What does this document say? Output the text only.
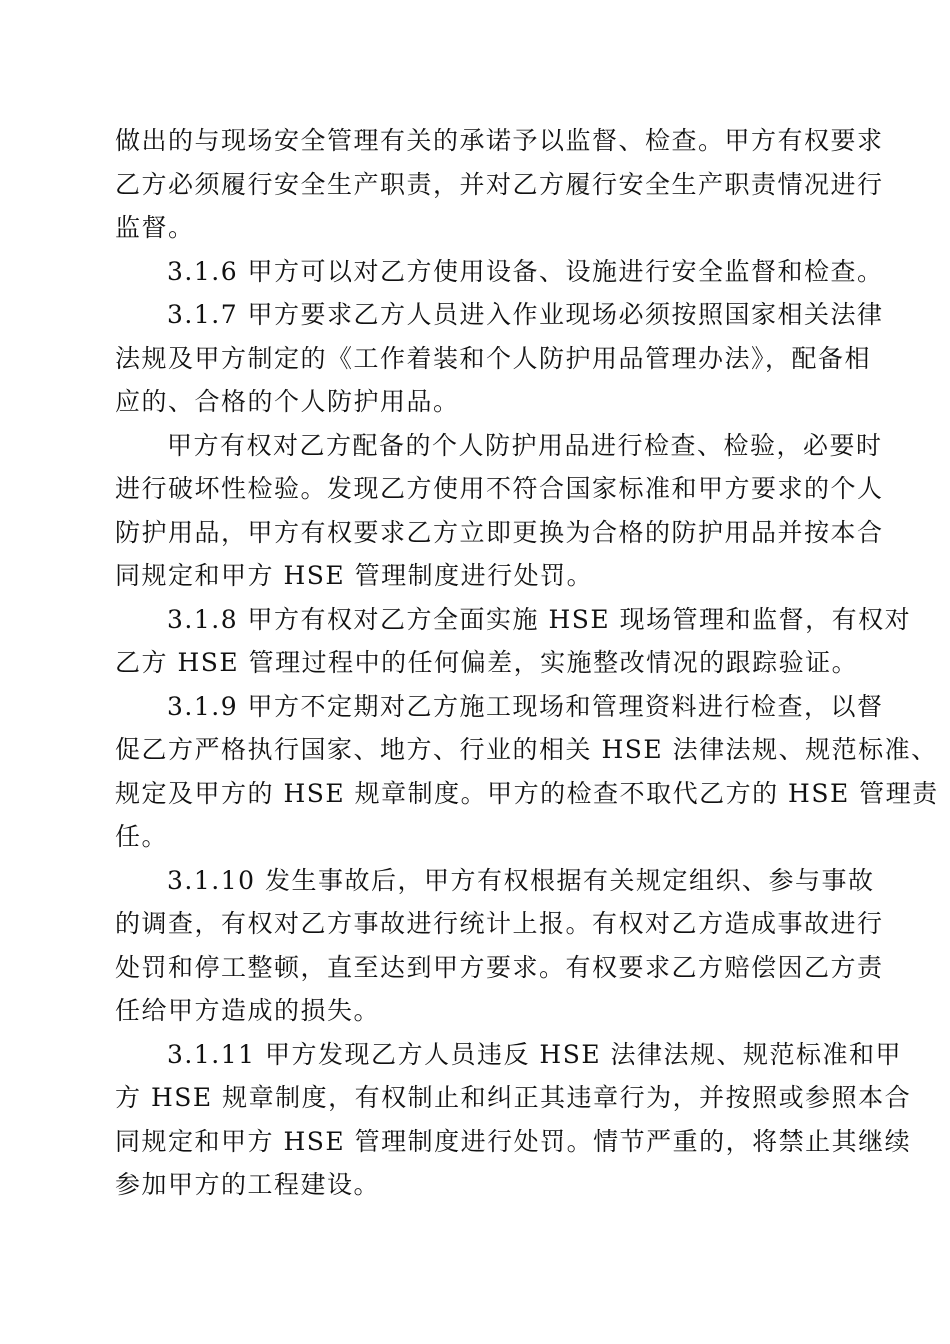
做出的与现场安全管理有关的承诺予以监督、检查。甲方有权要求
乙方必须履行安全生产职责，并对乙方履行安全生产职责情况进行
监督。
3.1.6 甲方可以对乙方使用设备、设施进行安全监督和检查。
3.1.7 甲方要求乙方人员进入作业现场必须按照国家相关法律
法规及甲方制定的《工作着装和个人防护用品管理办法》，配备相
应的、合格的个人防护用品。
甲方有权对乙方配备的个人防护用品进行检查、检验，必要时
进行破坏性检验。发现乙方使用不符合国家标准和甲方要求的个人
防护用品，甲方有权要求乙方立即更换为合格的防护用品并按本合
同规定和甲方 HSE 管理制度进行处罚。
3.1.8 甲方有权对乙方全面实施 HSE 现场管理和监督，有权对
乙方 HSE 管理过程中的任何偏差，实施整改情况的跟踪验证。
3.1.9 甲方不定期对乙方施工现场和管理资料进行检查，以督
促乙方严格执行国家、地方、行业的相关 HSE 法律法规、规范标准、
规定及甲方的 HSE 规章制度。甲方的检查不取代乙方的 HSE 管理责
任。
3.1.10 发生事故后，甲方有权根据有关规定组织、参与事故
的调查，有权对乙方事故进行统计上报。有权对乙方造成事故进行
处罚和停工整顿，直至达到甲方要求。有权要求乙方赔偿因乙方责
任给甲方造成的损失。
3.1.11 甲方发现乙方人员违反 HSE 法律法规、规范标准和甲
方 HSE 规章制度，有权制止和纠正其违章行为，并按照或参照本合
同规定和甲方 HSE 管理制度进行处罚。情节严重的，将禁止其继续
参加甲方的工程建设。
